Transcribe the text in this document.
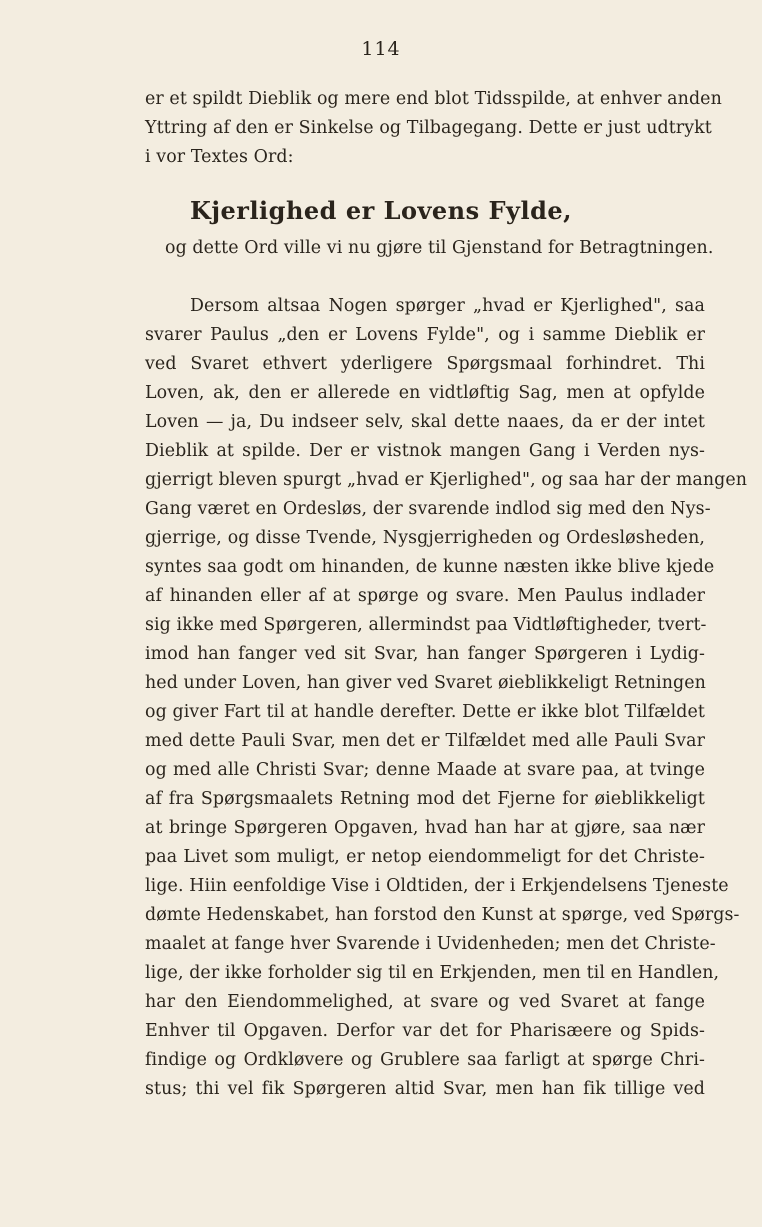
114
er et spildt Dieblik og mere end blot Tidsspilde, at enhver anden
Yttring af den er Sinkelse og Tilbagegang. Dette er just udtrykt
i vor Textes Ord:
Kjerlighed er Lovens Fylde,
og dette Ord ville vi nu gjøre til Gjenstand for Betragtningen.
Dersom altsaa Nogen spørger „hvad er Kjerlighed", saa
svarer Paulus „den er Lovens Fylde", og i samme Dieblik er
ved Svaret ethvert yderligere Spørgsmaal forhindret. Thi
Loven, ak, den er allerede en vidtløftig Sag, men at opfylde
Loven — ja, Du indseer selv, skal dette naaes, da er der intet
Dieblik at spilde. Der er vistnok mangen Gang i Verden nys-
gjerrigt bleven spurgt „hvad er Kjerlighed", og saa har der mangen
Gang været en Ordesløs, der svarende indlod sig med den Nys-
gjerrige, og disse Tvende, Nysgjerrigheden og Ordesløsheden,
syntes saa godt om hinanden, de kunne næsten ikke blive kjede
af hinanden eller af at spørge og svare. Men Paulus indlader
sig ikke med Spørgeren, allermindst paa Vidtløftigheder, tvert-
imod han fanger ved sit Svar, han fanger Spørgeren i Lydig-
hed under Loven, han giver ved Svaret øieblikkeligt Retningen
og giver Fart til at handle derefter. Dette er ikke blot Tilfældet
med dette Pauli Svar, men det er Tilfældet med alle Pauli Svar
og med alle Christi Svar; denne Maade at svare paa, at tvinge
af fra Spørgsmaalets Retning mod det Fjerne for øieblikkeligt
at bringe Spørgeren Opgaven, hvad han har at gjøre, saa nær
paa Livet som muligt, er netop eiendommeligt for det Christe-
lige. Hiin eenfoldige Vise i Oldtiden, der i Erkjendelsens Tjeneste
dømte Hedenskabet, han forstod den Kunst at spørge, ved Spørgs-
maalet at fange hver Svarende i Uvidenheden; men det Christe-
lige, der ikke forholder sig til en Erkjenden, men til en Handlen,
har den Eiendommelighed, at svare og ved Svaret at fange
Enhver til Opgaven. Derfor var det for Pharisæere og Spids-
findige og Ordkløvere og Grublere saa farligt at spørge Chri-
stus; thi vel fik Spørgeren altid Svar, men han fik tillige ved
